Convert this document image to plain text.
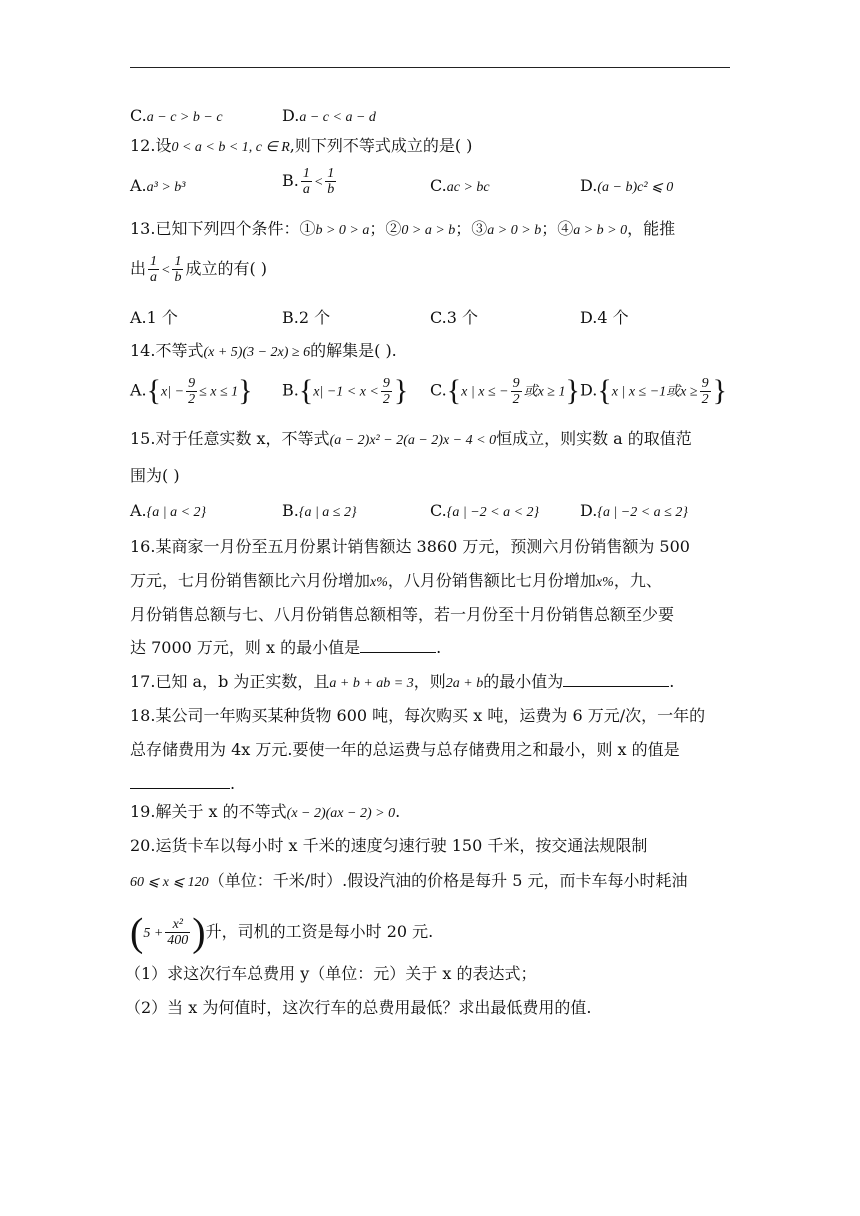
C.a − c > b − c	D.a − c < a − d
12.设0 < a < b < 1, c ∈ R,则下列不等式成立的是( )
A.a³ > b³	B. $\frac{1}{a} < \frac{1}{b}$	C.ac > bc	D.(a − b)c² ⩽ 0
13.已知下列四个条件：①b > 0 > a；②0 > a > b；③a > 0 > b；④a > b > 0，能推
出 $\frac{1}{a} < \frac{1}{b}$ 成立的有( )
A.1 个	B.2 个	C.3 个	D.4 个
14.不等式(x + 5)(3 − 2x) ≥ 6的解集是( ).
$A.\{x| - \frac{9}{2} \le x \le 1\}$ $B.\{x| -1 < x < \frac{9}{2}$ } C.{x | x ≤ − $\frac{9}{2}$ 或x ≥ 1} D.{x | x ≤ −1或$x \ge \frac{9}{2}$ }
15.对于任意实数 x，不等式(a − 2)x² − 2(a − 2)x − 4 < 0恒成立，则实数 a 的取值范
围为( )
A.{a | a < 2}	B.{a | a ≤ 2}	C.{a | −2 < a < 2}	D.{a | −2 < a ≤ 2}
16.某商家一月份至五月份累计销售额达 3860 万元，预测六月份销售额为 500
万元，七月份销售额比六月份增加x%，八月份销售额比七月份增加x%，九、
月份销售总额与七、八月份销售总额相等，若一月份至十月份销售总额至少要
达 7000 万元，则 x 的最小值是	.
17.已知 a，b 为正实数，且a + b + ab = 3，则2a + b的最小值为	.
18.某公司一年购买某种货物 600 吨，每次购买 x 吨，运费为 6 万元/次，一年的
总存储费用为 4x 万元.要使一年的总运费与总存储费用之和最小，则 x 的值是
.
19.解关于 x 的不等式(x − 2)(ax − 2) > 0.
20.运货卡车以每小时 x 千米的速度匀速行驶 150 千米，按交通法规限制
60 ⩽ x ⩽ 120（单位：千米/时）.假设汽油的价格是每升 5 元，而卡车每小时耗油
($5 + \frac{\text{x²}}{400}$ )升，司机的工资是每小时 20 元.
（1）求这次行车总费用 y（单位：元）关于 x 的表达式；
（2）当 x 为何值时，这次行车的总费用最低？求出最低费用的值.
